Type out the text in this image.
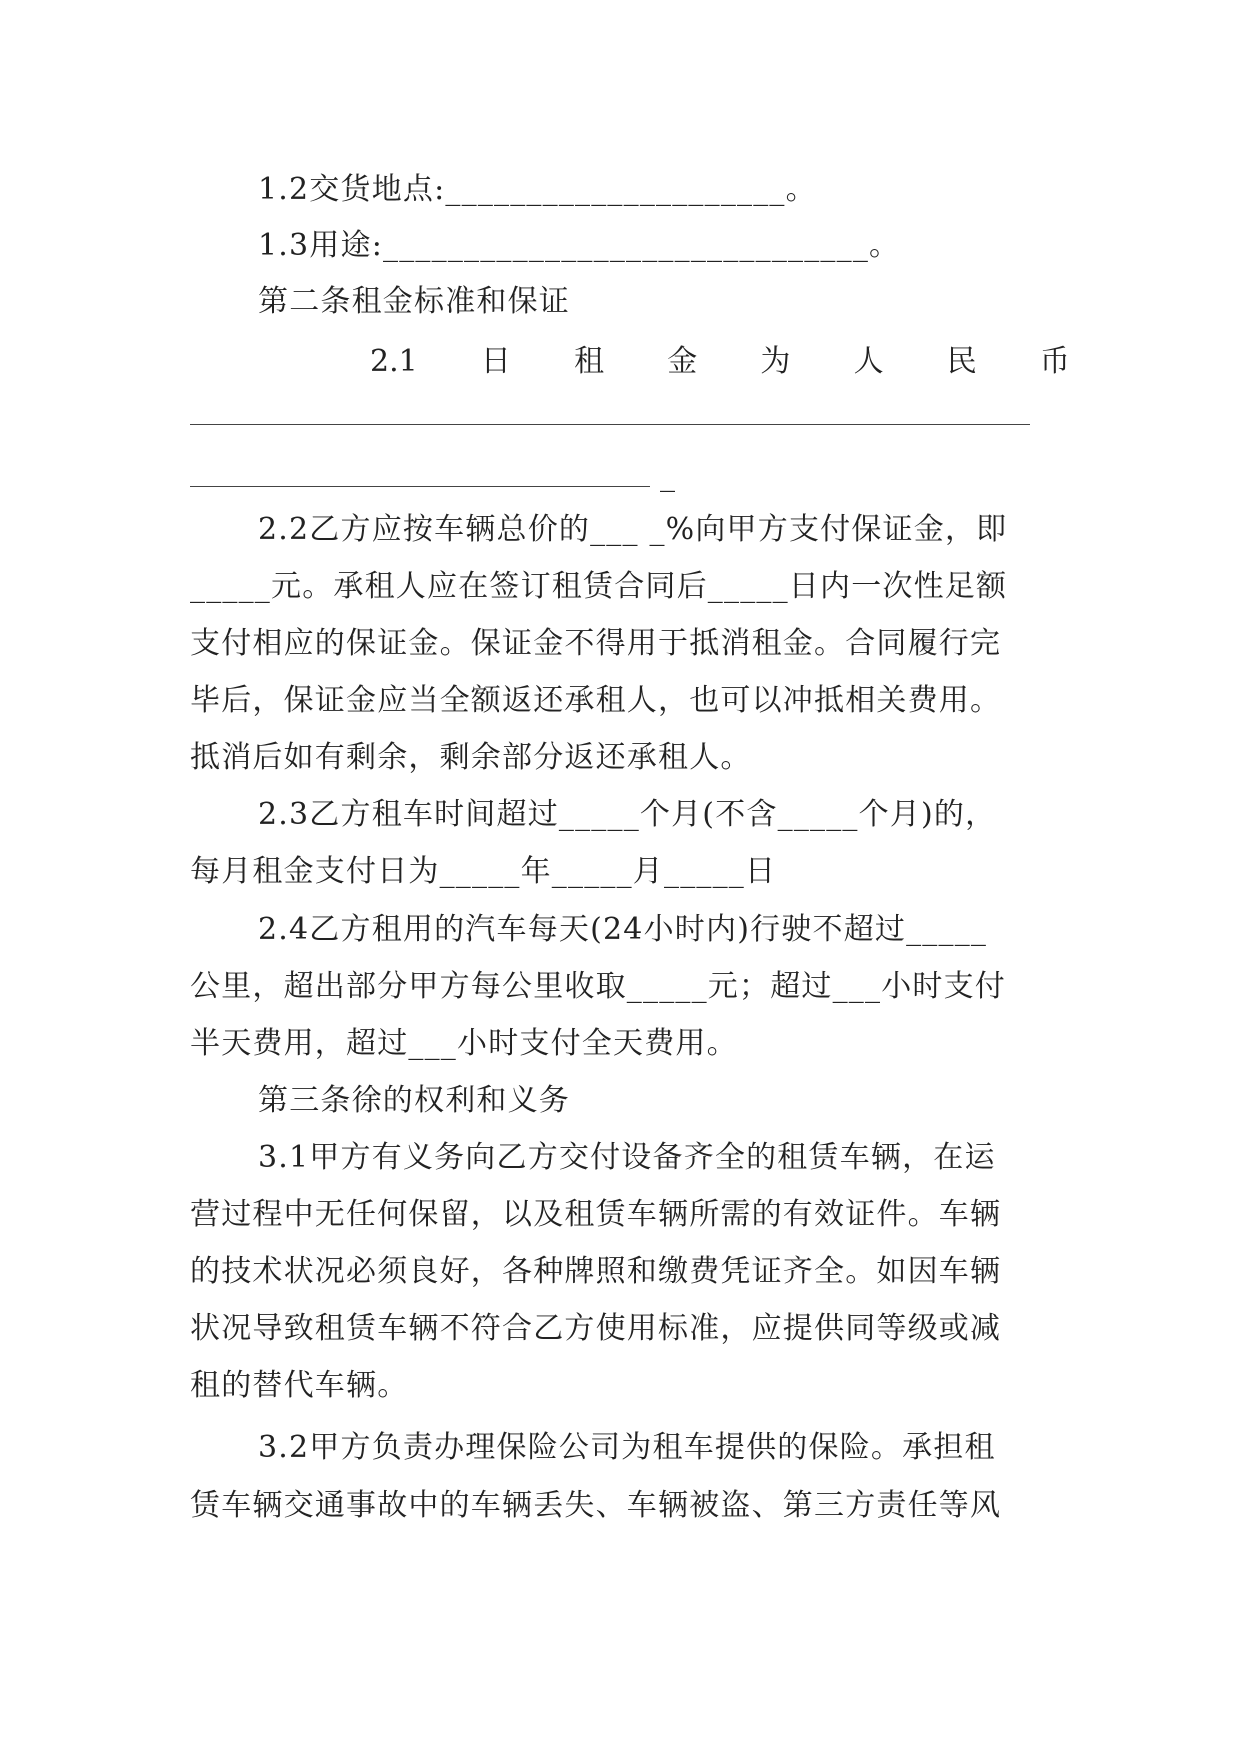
1.2交货地点:_____________________。
1.3用途:______________________________。
第二条租金标准和保证
2.1 日 租 金 为 人 民 币
_
2.2乙方应按车辆总价的___ _%向甲方支付保证金，即
_____元。承租人应在签订租赁合同后_____日内一次性足额
支付相应的保证金。保证金不得用于抵消租金。合同履行完
毕后，保证金应当全额返还承租人，也可以冲抵相关费用。
抵消后如有剩余，剩余部分返还承租人。
2.3乙方租车时间超过_____个月(不含_____个月)的，
每月租金支付日为_____年_____月_____日
2.4乙方租用的汽车每天(24小时内)行驶不超过_____
公里，超出部分甲方每公里收取_____元；超过___小时支付
半天费用，超过___小时支付全天费用。
第三条徐的权利和义务
3.1甲方有义务向乙方交付设备齐全的租赁车辆，在运
营过程中无任何保留，以及租赁车辆所需的有效证件。车辆
的技术状况必须良好，各种牌照和缴费凭证齐全。如因车辆
状况导致租赁车辆不符合乙方使用标准，应提供同等级或减
租的替代车辆。
3.2甲方负责办理保险公司为租车提供的保险。承担租
赁车辆交通事故中的车辆丢失、车辆被盗、第三方责任等风
